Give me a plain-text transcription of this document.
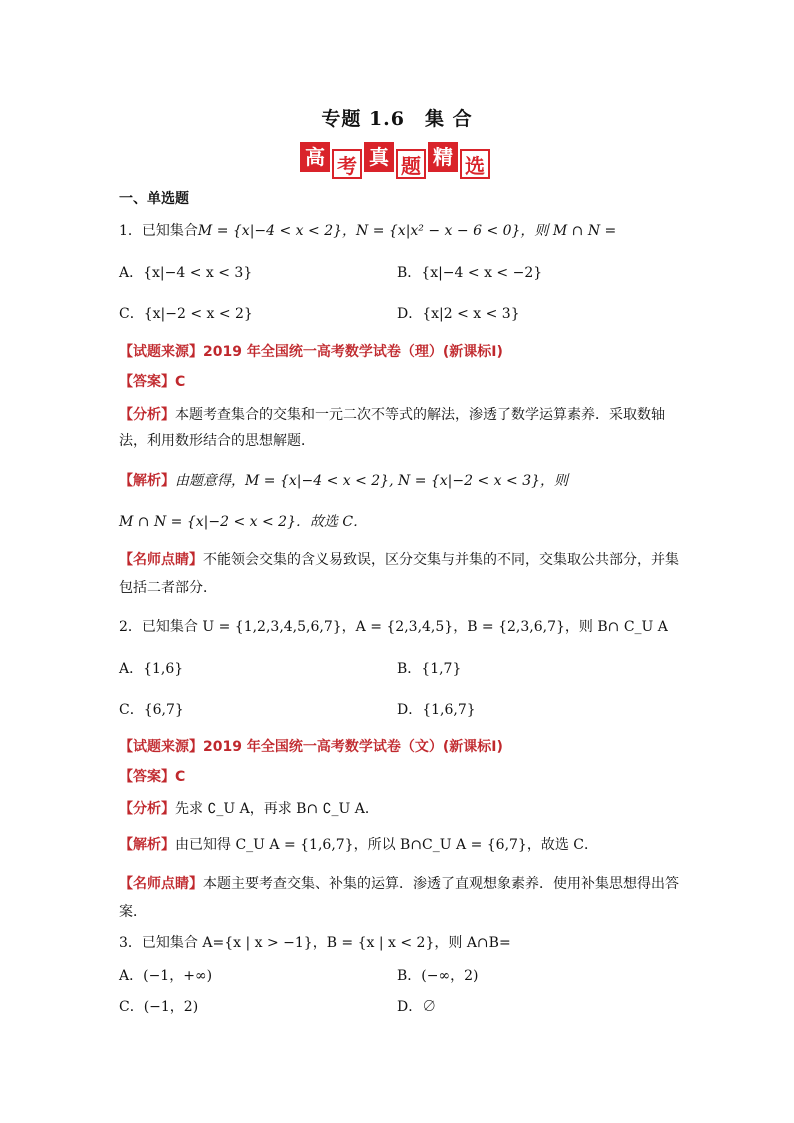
专题 1.6　集 合
高 考 真 题 精 选
一、单选题
1．已知集合M = {x|−4 < x < 2}，N = {x|x² − x − 6 < 0}，则 M ∩ N =
A．{x|−4 < x < 3}	B．{x|−4 < x < −2}
C．{x|−2 < x < 2}	D．{x|2 < x < 3}
【试题来源】2019 年全国统一高考数学试卷（理）(新课标Ⅰ)
【答案】C
【分析】本题考查集合的交集和一元二次不等式的解法，渗透了数学运算素养．采取数轴法，利用数形结合的思想解题．
【解析】由题意得，M = {x|−4 < x < 2}, N = {x|−2 < x < 3}，则
M ∩ N = {x|−2 < x < 2}．故选 C．
【名师点睛】不能领会交集的含义易致误，区分交集与并集的不同，交集取公共部分，并集包括二者部分．
2．已知集合 U = {1,2,3,4,5,6,7}，A = {2,3,4,5}，B = {2,3,6,7}，则 B∩ C_U A
A．{1,6}	B．{1,7}
C．{6,7}	D．{1,6,7}
【试题来源】2019 年全国统一高考数学试卷（文）(新课标Ⅰ)
【答案】C
【分析】先求 ∁_U A，再求 B∩ ∁_U A．
【解析】由已知得 C_U A = {1,6,7}，所以 B∩C_U A = {6,7}，故选 C．
【名师点睛】本题主要考查交集、补集的运算．渗透了直观想象素养．使用补集思想得出答案．
3．已知集合 A={x | x > −1}，B = {x | x < 2}，则 A∩B=
A．(−1，+∞)	B．(−∞，2)
C．(−1，2)	D．∅
